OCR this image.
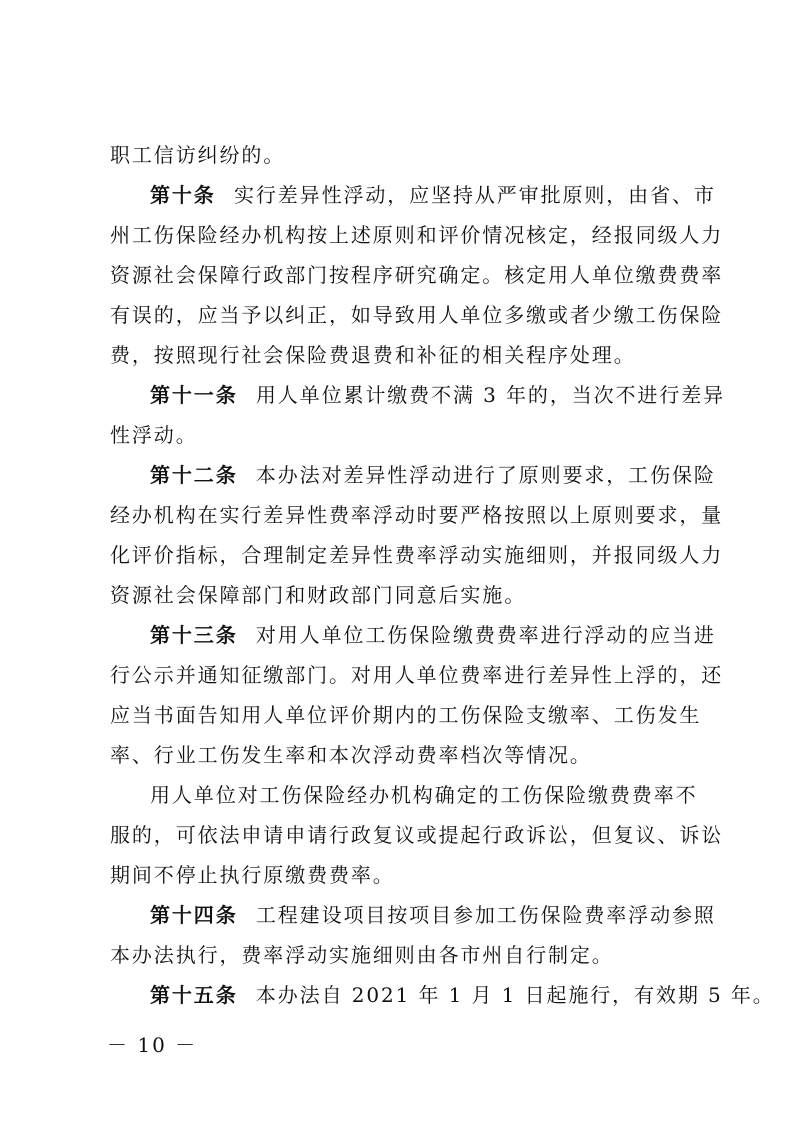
职工信访纠纷的。
第十条 实行差异性浮动，应坚持从严审批原则，由省、市
州工伤保险经办机构按上述原则和评价情况核定，经报同级人力
资源社会保障行政部门按程序研究确定。核定用人单位缴费费率
有误的，应当予以纠正，如导致用人单位多缴或者少缴工伤保险
费，按照现行社会保险费退费和补征的相关程序处理。
第十一条 用人单位累计缴费不满 3 年的，当次不进行差异
性浮动。
第十二条 本办法对差异性浮动进行了原则要求，工伤保险
经办机构在实行差异性费率浮动时要严格按照以上原则要求，量
化评价指标，合理制定差异性费率浮动实施细则，并报同级人力
资源社会保障部门和财政部门同意后实施。
第十三条 对用人单位工伤保险缴费费率进行浮动的应当进
行公示并通知征缴部门。对用人单位费率进行差异性上浮的，还
应当书面告知用人单位评价期内的工伤保险支缴率、工伤发生
率、行业工伤发生率和本次浮动费率档次等情况。
用人单位对工伤保险经办机构确定的工伤保险缴费费率不
服的，可依法申请申请行政复议或提起行政诉讼，但复议、诉讼
期间不停止执行原缴费费率。
第十四条 工程建设项目按项目参加工伤保险费率浮动参照
本办法执行，费率浮动实施细则由各市州自行制定。
第十五条 本办法自 2021 年 1 月 1 日起施行，有效期 5 年。
－ 10 －
